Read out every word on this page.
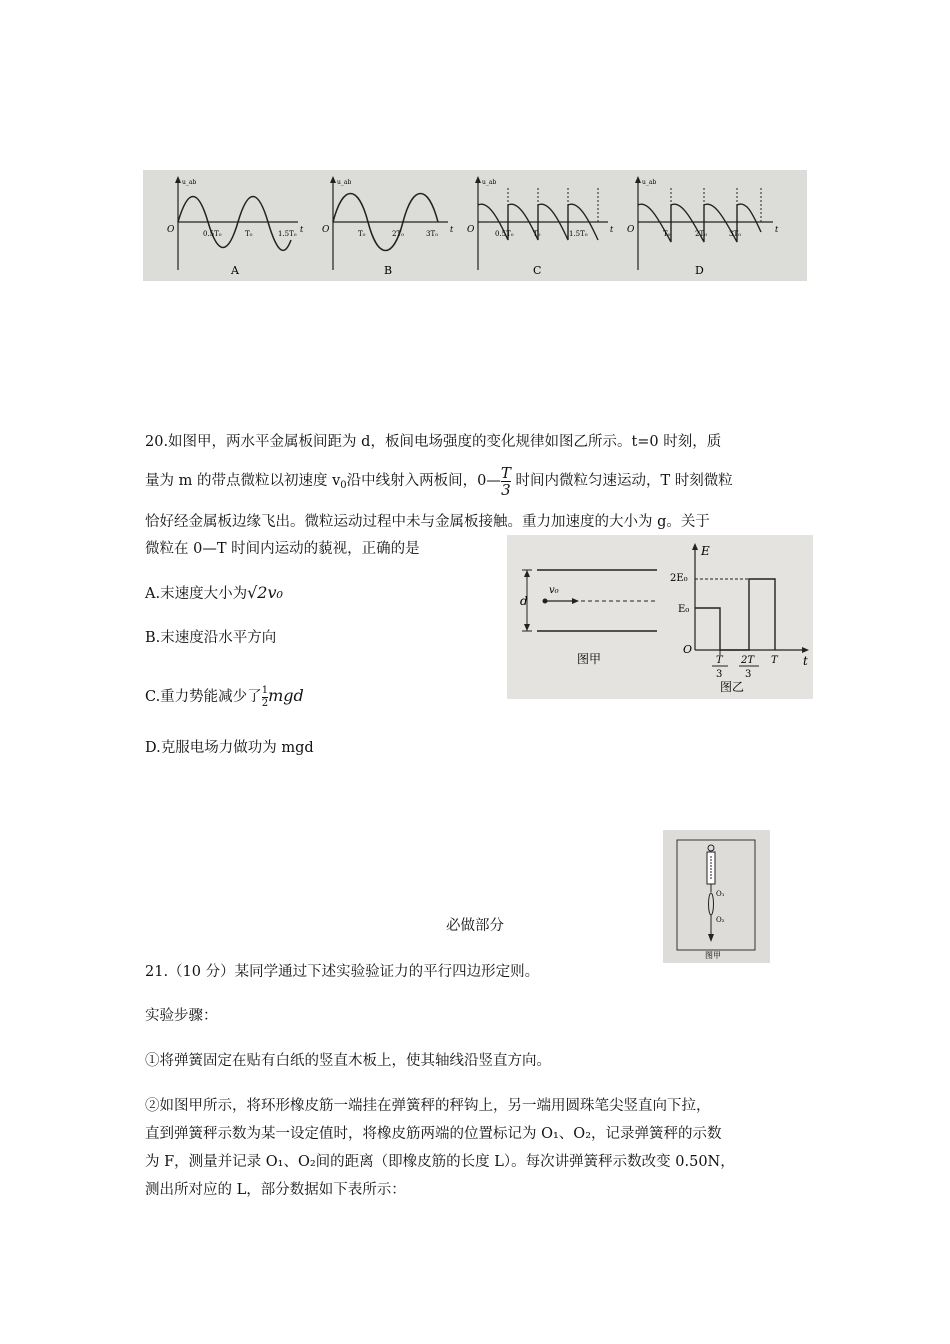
O
u_ab
0.5T₀	T₀	1.5T₀ t
A
O
u_ab
T₀	2T₀	3T₀ t
B
O
u_ab
0.5T₀	T₀	1.5T₀	t
C
O
u_ab
T₀	2T₀	3T₀	t
D
20.如图甲，两水平金属板间距为 d，板间电场强度的变化规律如图乙所示。t=0 时刻，质
量为 m 的带点微粒以初速度 $v_0$沿中线射入两板间，0— $\frac{T}{3}$ 时间内微粒匀速运动，T 时刻微粒
恰好经金属板边缘飞出。微粒运动过程中未与金属板接触。重力加速度的大小为 g。关于
微粒在 0—T 时间内运动的藐视，正确的是
A.末速度大小为√2v₀
B.末速度沿水平方向
C.重力势能减少了 $\frac{1}{2}$ mgd
D.克服电场力做功为 mgd
d
v₀
图甲
E
t
O
2E₀
E₀
T
3
2T
3
T
图乙
O₁
O₂
图甲
必做部分
21.（10 分）某同学通过下述实验验证力的平行四边形定则。
实验步骤：
①将弹簧固定在贴有白纸的竖直木板上，使其轴线沿竖直方向。
②如图甲所示，将环形橡皮筋一端挂在弹簧秤的秤钩上，另一端用圆珠笔尖竖直向下拉，
直到弹簧秤示数为某一设定值时，将橡皮筋两端的位置标记为 O₁、O₂，记录弹簧秤的示数
为 F，测量并记录 O₁、O₂间的距离（即橡皮筋的长度 L）。每次讲弹簧秤示数改变 0.50N，
测出所对应的 L，部分数据如下表所示：
